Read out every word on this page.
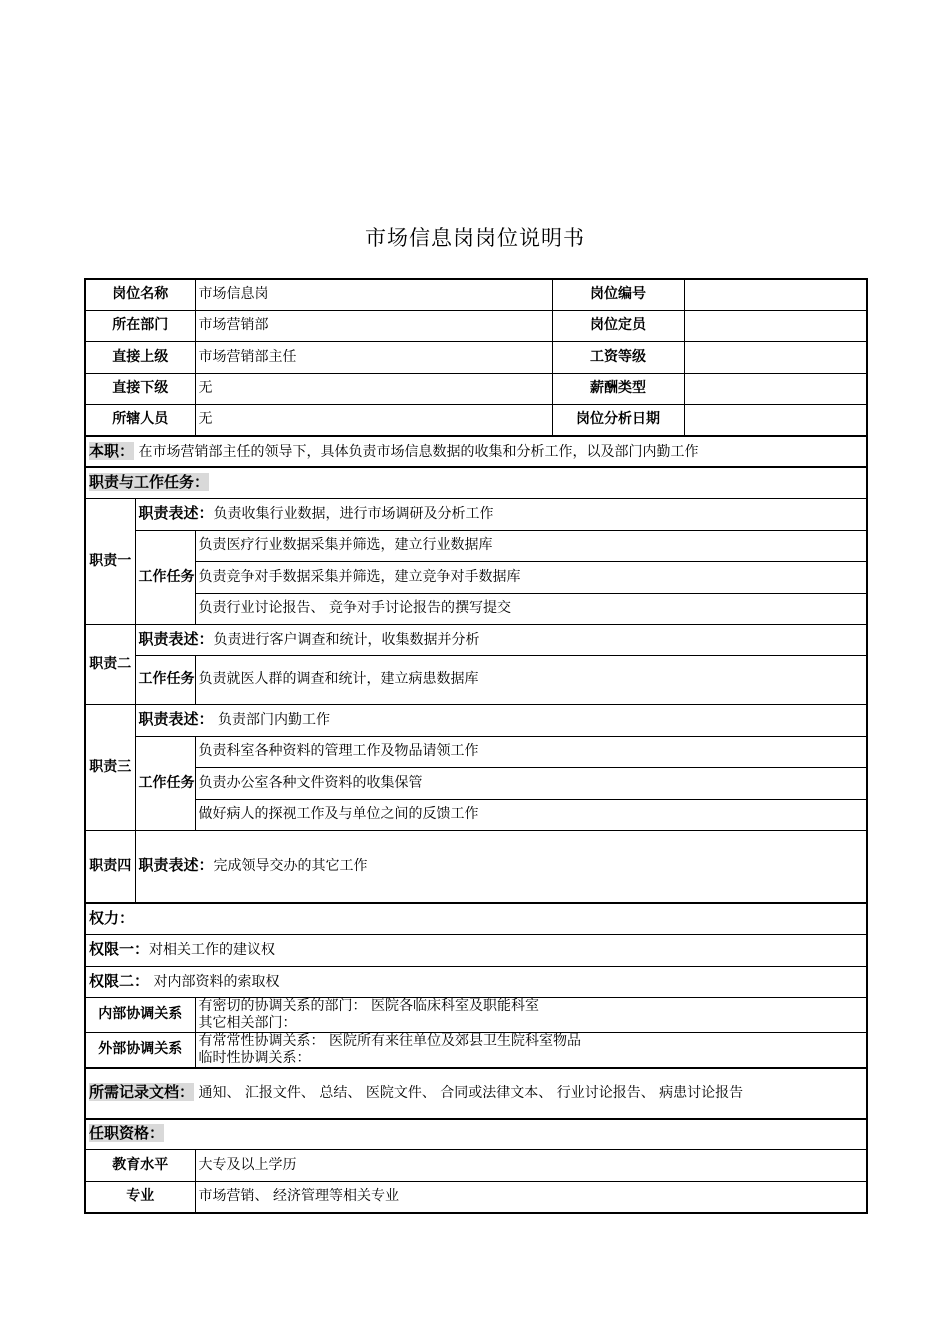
市场信息岗岗位说明书
岗位名称		市场信息岗	岗位编号	
所在部门		市场营销部	岗位定员	
直接上级		市场营销部主任	工资等级	
直接下级		无	薪酬类型	
所辖人员		无	岗位分析日期	
本职： 在市场营销部主任的领导下，具体负责市场信息数据的收集和分析工作，以及部门内勤工作				
职责与工作任务：				
职责一	职责表述：负责收集行业数据，进行市场调研及分析工作			
	工作任务	负责医疗行业数据采集并筛选，建立行业数据库		
		负责竞争对手数据采集并筛选，建立竞争对手数据库		
		负责行业讨论报告、 竞争对手讨论报告的撰写提交		
职责二	职责表述：负责进行客户调查和统计，收集数据并分析			
	工作任务	负责就医人群的调查和统计，建立病患数据库		
职责三	职责表述： 负责部门内勤工作			
	工作任务	负责科室各种资料的管理工作及物品请领工作		
		负责办公室各种文件资料的收集保管		
		做好病人的探视工作及与单位之间的反馈工作		
职责四	职责表述：完成领导交办的其它工作			
权力：				
权限一：对相关工作的建议权				
权限二： 对内部资料的索取权				
内部协调关系		有密切的协调关系的部门： 医院各临床科室及职能科室
其它相关部门：		

外部协调关系		有常常性协调关系： 医院所有来往单位及郊县卫生院科室物品
临时性协调关系：		

所需记录文档： 通知、 汇报文件、 总结、 医院文件、 合同或法律文本、 行业讨论报告、 病患讨论报告				
任职资格：				
教育水平		大专及以上学历		
专业		市场营销、 经济管理等相关专业		
